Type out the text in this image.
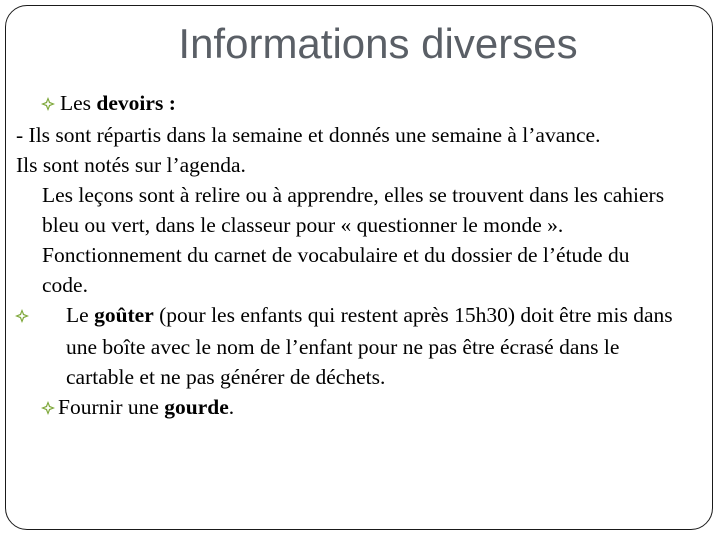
Informations diverses

Les devoirs :

- Ils sont répartis dans la semaine et donnés une semaine à l’avance. Ils sont notés sur l’agenda.

Les leçons sont à relire ou à apprendre, elles se trouvent dans les cahiers bleu ou vert, dans le classeur pour « questionner le monde ».

Fonctionnement du carnet de vocabulaire et du dossier de l’étude du code.

Le goûter (pour les enfants qui restent après 15h30) doit être mis dans une boîte avec le nom de l’enfant pour ne pas être écrasé dans le cartable et ne pas générer de déchets.

Fournir une gourde.
